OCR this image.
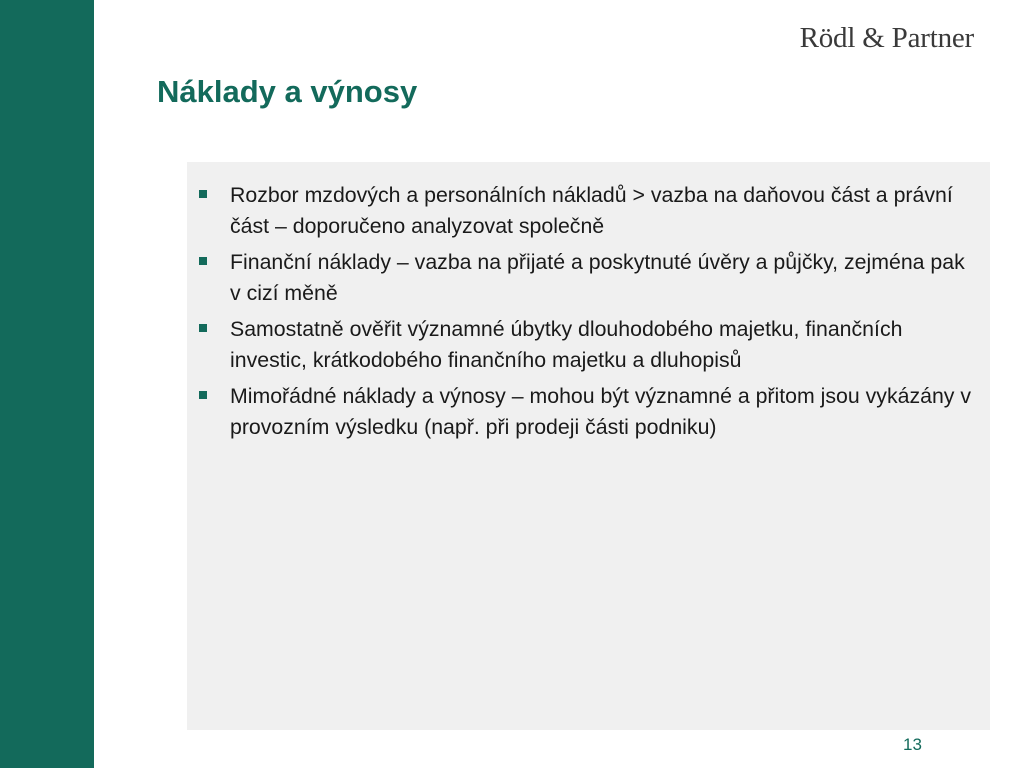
Rödl & Partner
Náklady a výnosy
Rozbor mzdových a personálních nákladů > vazba na daňovou část a právní část – doporučeno analyzovat společně
Finanční náklady – vazba na přijaté a poskytnuté úvěry a půjčky, zejména pak v cizí měně
Samostatně ověřit významné úbytky dlouhodobého majetku, finančních investic, krátkodobého finančního majetku a dluhopisů
Mimořádné náklady a výnosy – mohou být významné a přitom jsou vykázány v provozním výsledku (např. při prodeji části podniku)
13
